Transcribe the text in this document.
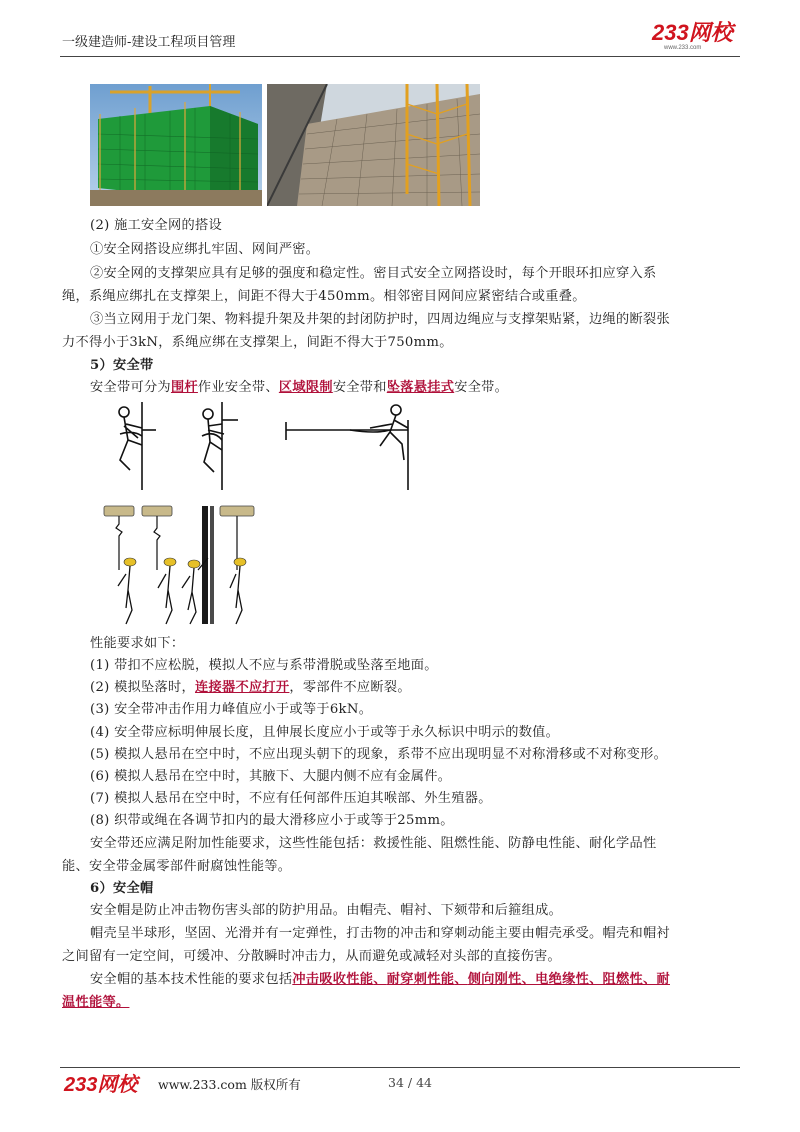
一级建造师-建设工程项目管理	233网校
www.233.com
(2) 施工安全网的搭设
①安全网搭设应绑扎牢固、网间严密。
②安全网的支撑架应具有足够的强度和稳定性。密目式安全立网搭设时，每个开眼环扣应穿入系
绳，系绳应绑扎在支撑架上，间距不得大于450mm。相邻密目网间应紧密结合或重叠。
③当立网用于龙门架、物料提升架及井架的封闭防护时，四周边绳应与支撑架贴紧，边绳的断裂张
力不得小于3kN，系绳应绑在支撑架上，间距不得大于750mm。
5）安全带
安全带可分为围杆作业安全带、区域限制安全带和坠落悬挂式安全带。
性能要求如下：
(1) 带扣不应松脱，模拟人不应与系带滑脱或坠落至地面。
(2) 模拟坠落时，连接器不应打开，零部件不应断裂。
(3) 安全带冲击作用力峰值应小于或等于6kN。
(4) 安全带应标明伸展长度，且伸展长度应小于或等于永久标识中明示的数值。
(5) 模拟人悬吊在空中时，不应出现头朝下的现象，系带不应出现明显不对称滑移或不对称变形。
(6) 模拟人悬吊在空中时，其腋下、大腿内侧不应有金属件。
(7) 模拟人悬吊在空中时，不应有任何部件压迫其喉部、外生殖器。
(8) 织带或绳在各调节扣内的最大滑移应小于或等于25mm。
安全带还应满足附加性能要求，这些性能包括：救援性能、阻燃性能、防静电性能、耐化学品性
能、安全带金属零部件耐腐蚀性能等。
6）安全帽
安全帽是防止冲击物伤害头部的防护用品。由帽壳、帽衬、下颏带和后箍组成。
帽壳呈半球形，坚固、光滑并有一定弹性，打击物的冲击和穿刺动能主要由帽壳承受。帽壳和帽衬
之间留有一定空间，可缓冲、分散瞬时冲击力，从而避免或减轻对头部的直接伤害。
安全帽的基本技术性能的要求包括冲击吸收性能、耐穿刺性能、侧向刚性、电绝缘性、阻燃性、耐
温性能等。
233网校	www.233.com 版权所有	34 / 44
